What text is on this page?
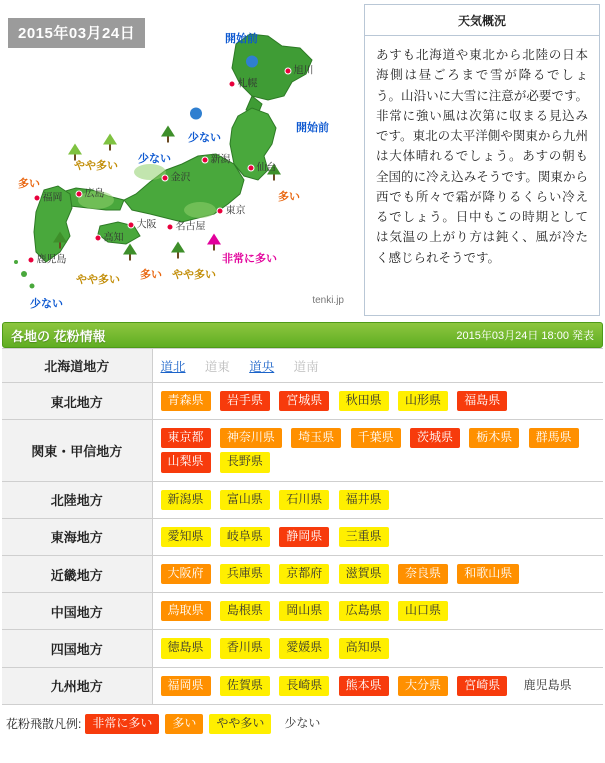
2015年03月24日
tenki.jp
札幌
旭川
新潟
仙台
金沢
東京
名古屋
大阪
広島
福岡
高知
鹿児島
開始前
開始前
少ない
少ない
やや多い
多い
多い
非常に多い
多い やや多い
やや多い
少ない
天気概況
あすも北海道や東北から北陸の日本海側は昼ごろまで雪が降るでしょう。山沿いに大雪に注意が必要です。非常に強い風は次第に収まる見込みです。東北の太平洋側や関東から九州は大体晴れるでしょう。あすの朝も全国的に冷え込みそうです。関東から西でも所々で霜が降りるくらい冷えるでしょう。日中もこの時期としては気温の上がり方は鈍く、風が冷たく感じられそうです。
各地の 花粉情報	2015年03月24日 18:00 発表
北海道地方	道北 道東 道央 道南
東北地方	青森県 岩手県 宮城県 秋田県 山形県 福島県
関東・甲信地方	東京都 神奈川県 埼玉県 千葉県 茨城県 栃木県 群馬県 山梨県 長野県
北陸地方	新潟県 富山県 石川県 福井県
東海地方	愛知県 岐阜県 静岡県 三重県
近畿地方	大阪府 兵庫県 京都府 滋賀県 奈良県 和歌山県
中国地方	鳥取県 島根県 岡山県 広島県 山口県
四国地方	徳島県 香川県 愛媛県 高知県
九州地方	福岡県 佐賀県 長崎県 熊本県 大分県 宮崎県 鹿児島県
花粉飛散凡例: 非常に多い	多い	やや多い	少ない
